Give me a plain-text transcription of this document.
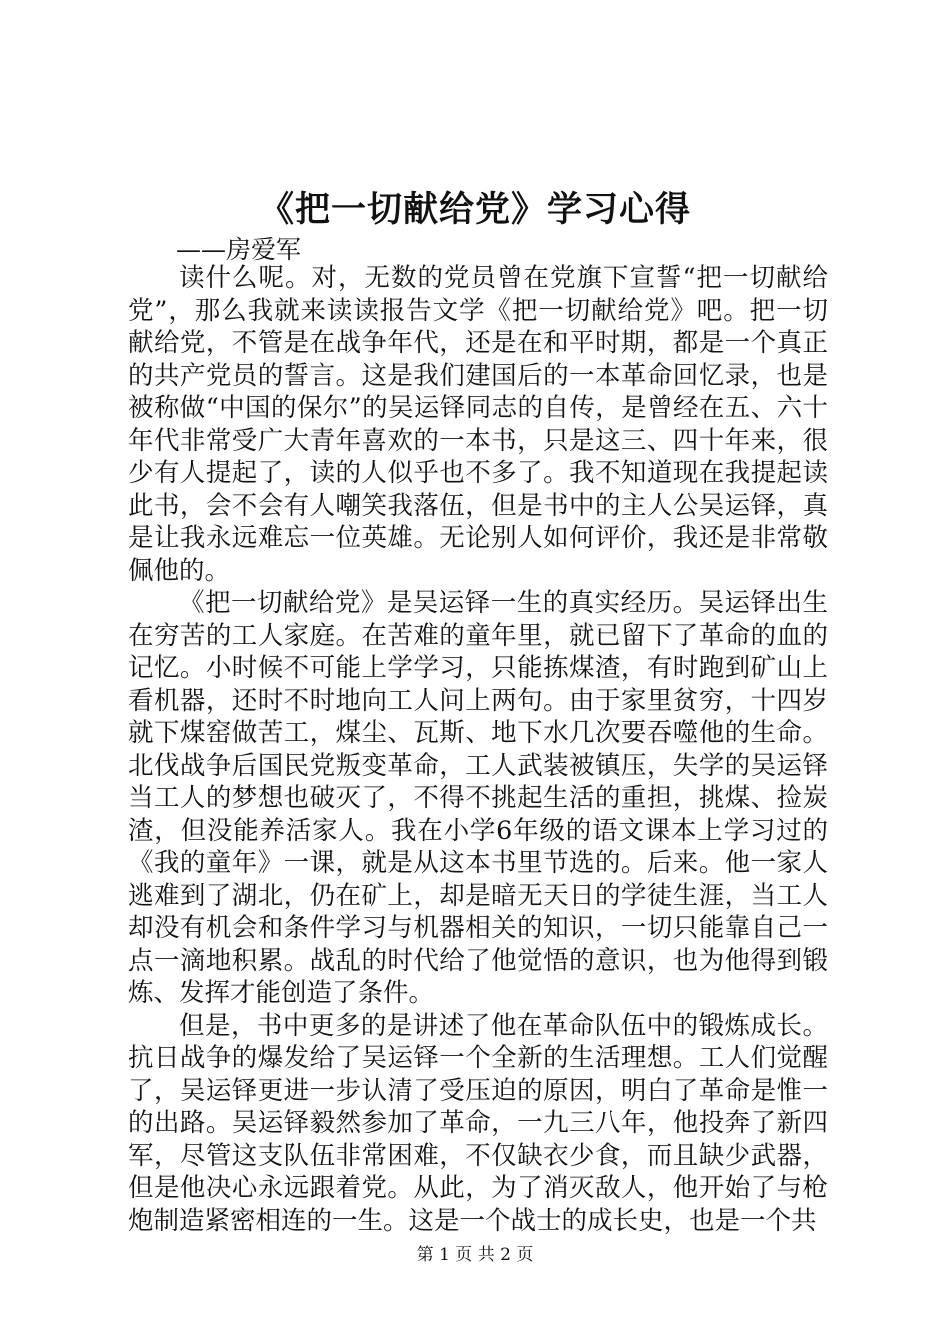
《把一切献给党》学习心得
——房爱军

读什么呢。对，无数的党员曾在党旗下宣誓“把一切献给党”，那么我就来读读报告文学《把一切献给党》吧。把一切献给党，不管是在战争年代，还是在和平时期，都是一个真正的共产党员的誓言。这是我们建国后的一本革命回忆录，也是被称做“中国的保尔”的吴运铎同志的自传，是曾经在五、六十年代非常受广大青年喜欢的一本书，只是这三、四十年来，很少有人提起了，读的人似乎也不多了。我不知道现在我提起读此书，会不会有人嘲笑我落伍，但是书中的主人公吴运铎，真是让我永远难忘一位英雄。无论别人如何评价，我还是非常敬佩他的。

《把一切献给党》是吴运铎一生的真实经历。吴运铎出生在穷苦的工人家庭。在苦难的童年里，就已留下了革命的血的记忆。小时候不可能上学学习，只能拣煤渣，有时跑到矿山上看机器，还时不时地向工人问上两句。由于家里贫穷，十四岁就下煤窑做苦工，煤尘、瓦斯、地下水几次要吞噬他的生命。北伐战争后国民党叛变革命，工人武装被镇压，失学的吴运铎当工人的梦想也破灭了，不得不挑起生活的重担，挑煤、捡炭渣，但没能养活家人。我在小学6年级的语文课本上学习过的《我的童年》一课，就是从这本书里节选的。后来。他一家人逃难到了湖北，仍在矿上，却是暗无天日的学徒生涯，当工人却没有机会和条件学习与机器相关的知识，一切只能靠自己一点一滴地积累。战乱的时代给了他觉悟的意识，也为他得到锻炼、发挥才能创造了条件。

但是，书中更多的是讲述了他在革命队伍中的锻炼成长。抗日战争的爆发给了吴运铎一个全新的生活理想。工人们觉醒了，吴运铎更进一步认清了受压迫的原因，明白了革命是惟一的出路。吴运铎毅然参加了革命，一九三八年，他投奔了新四军，尽管这支队伍非常困难，不仅缺衣少食，而且缺少武器，但是他决心永远跟着党。从此，为了消灭敌人，他开始了与枪炮制造紧密相连的一生。这是一个战士的成长史，也是一个共

第 1 页 共 2 页
